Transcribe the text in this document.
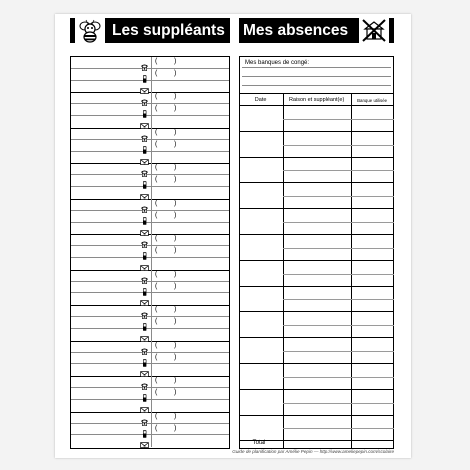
Les suppléants Mes absences
( )
( )
@
( )
( )
@
( )
( )
@
( )
( )
@
( )
( )
@
( )
( )
@
( )
( )
@
( )
( )
@
( )
( )
@
( )
( )
@
( )
( )
@
Mes banques de congé:
Date	Raison et suppléant(e)	Banque utilisée
Total
Guide de planification par Amélie Pepin — http://www.ameliepepin.com/scolaire
